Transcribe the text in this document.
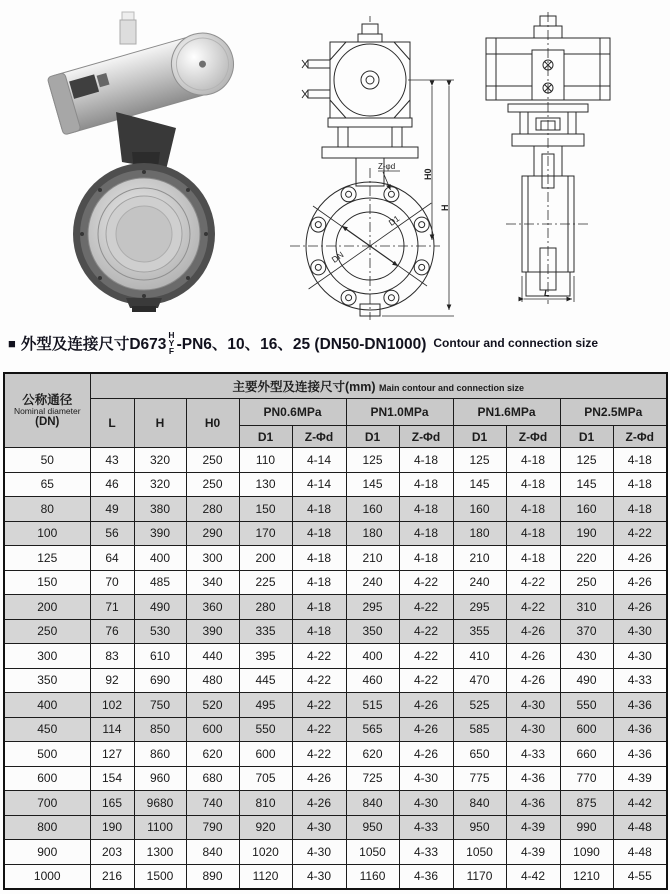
Z-φd
DN
D1
H0
H
L
■ 外型及连接尺寸D673
H
Y
F -PN6、10、16、25 (DN50-DN1000) Contour and connection size
公称通径
Nominal diameter
(DN)	主要外型及连接尺寸(mm) Main contour and connection size										
	L	H	H0	PN0.6MPa		PN1.0MPa		PN1.6MPa		PN2.5MPa	
				D1	Z-Φd	D1	Z-Φd	D1	Z-Φd	D1	Z-Φd
50	43	320	250	110	4-14	125	4-18	125	4-18	125	4-18
65	46	320	250	130	4-14	145	4-18	145	4-18	145	4-18
80	49	380	280	150	4-18	160	4-18	160	4-18	160	4-18
100	56	390	290	170	4-18	180	4-18	180	4-18	190	4-22
125	64	400	300	200	4-18	210	4-18	210	4-18	220	4-26
150	70	485	340	225	4-18	240	4-22	240	4-22	250	4-26
200	71	490	360	280	4-18	295	4-22	295	4-22	310	4-26
250	76	530	390	335	4-18	350	4-22	355	4-26	370	4-30
300	83	610	440	395	4-22	400	4-22	410	4-26	430	4-30
350	92	690	480	445	4-22	460	4-22	470	4-26	490	4-33
400	102	750	520	495	4-22	515	4-26	525	4-30	550	4-36
450	114	850	600	550	4-22	565	4-26	585	4-30	600	4-36
500	127	860	620	600	4-22	620	4-26	650	4-33	660	4-36
600	154	960	680	705	4-26	725	4-30	775	4-36	770	4-39
700	165	9680	740	810	4-26	840	4-30	840	4-36	875	4-42
800	190	1100	790	920	4-30	950	4-33	950	4-39	990	4-48
900	203	1300	840	1020	4-30	1050	4-33	1050	4-39	1090	4-48
1000	216	1500	890	1120	4-30	1160	4-36	1170	4-42	1210	4-55
